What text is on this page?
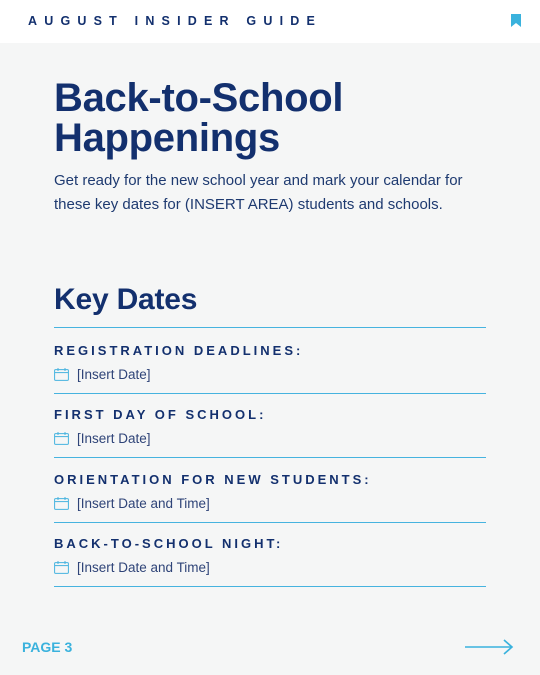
AUGUST INSIDER GUIDE
Back-to-School
Happenings

Get ready for the new school year and mark your calendar for
these key dates for (INSERT AREA) students and schools.

Key Dates
REGISTRATION DEADLINES:
[Insert Date]
FIRST DAY OF SCHOOL:
[Insert Date]
ORIENTATION FOR NEW STUDENTS:
[Insert Date and Time]
BACK-TO-SCHOOL NIGHT:
[Insert Date and Time]
PAGE 3
